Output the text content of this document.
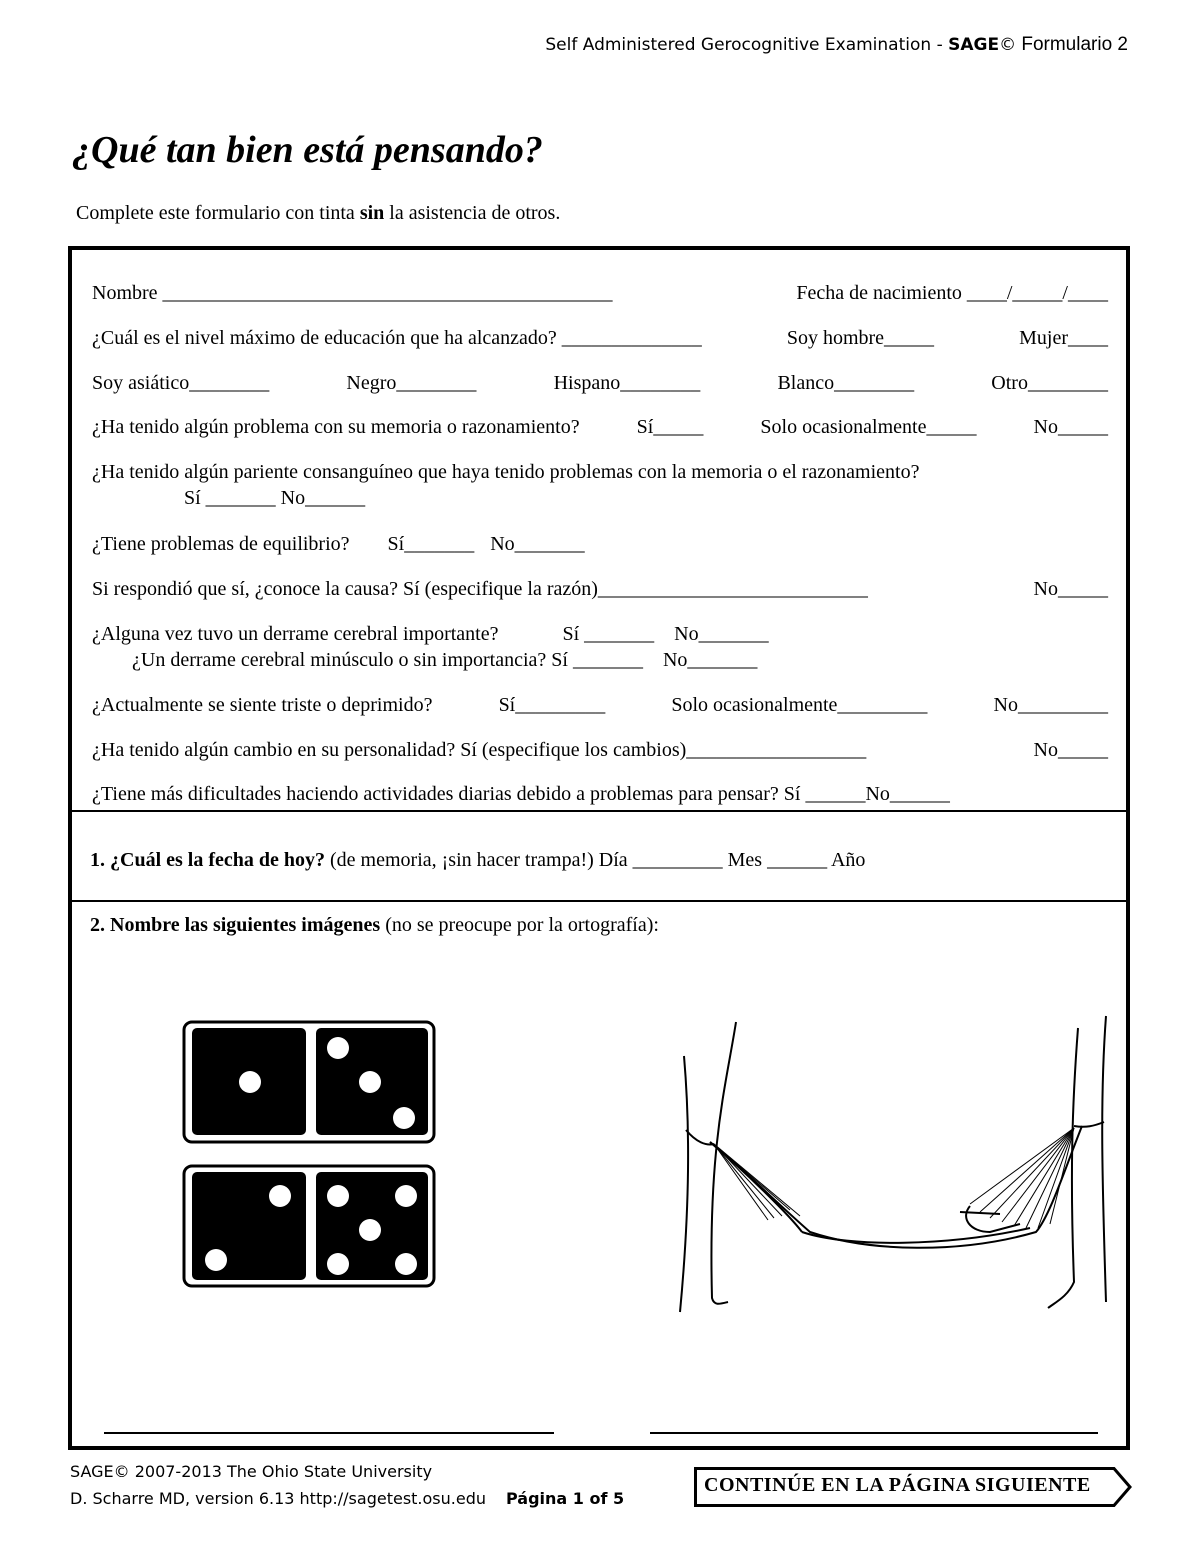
Self Administered Gerocognitive Examination - SAGE© Formulario 2
¿Qué tan bien está pensando?
Complete este formulario con tinta sin la asistencia de otros.
Nombre _____________________________________________	Fecha de nacimiento ____/_____/____
¿Cuál es el nivel máximo de educación que ha alcanzado? ______________	Soy hombre_____	Mujer____
Soy asiático________	Negro________	Hispano________	Blanco________	Otro________
¿Ha tenido algún problema con su memoria o razonamiento?	Sí_____	Solo ocasionalmente_____	No_____
¿Ha tenido algún pariente consanguíneo que haya tenido problemas con la memoria o el razonamiento?
Sí _______ No______
¿Tiene problemas de equilibrio? Sí_______ No_______
Si respondió que sí, ¿conoce la causa? Sí (especifique la razón)___________________________	No_____
¿Alguna vez tuvo un derrame cerebral importante?	Sí _______ No_______
¿Un derrame cerebral minúsculo o sin importancia? Sí _______ No_______
¿Actualmente se siente triste o deprimido?	Sí_________	Solo ocasionalmente_________	No_________
¿Ha tenido algún cambio en su personalidad? Sí (especifique los cambios)__________________	No_____
¿Tiene más dificultades haciendo actividades diarias debido a problemas para pensar? Sí ______No______
1. ¿Cuál es la fecha de hoy? (de memoria, ¡sin hacer trampa!) Día _________ Mes ______ Año
2. Nombre las siguientes imágenes (no se preocupe por la ortografía):
SAGE© 2007-2013 The Ohio State University
D. Scharre MD, version 6.13 http://sagetest.osu.edu Página 1 of 5
CONTINÚE EN LA PÁGINA SIGUIENTE
